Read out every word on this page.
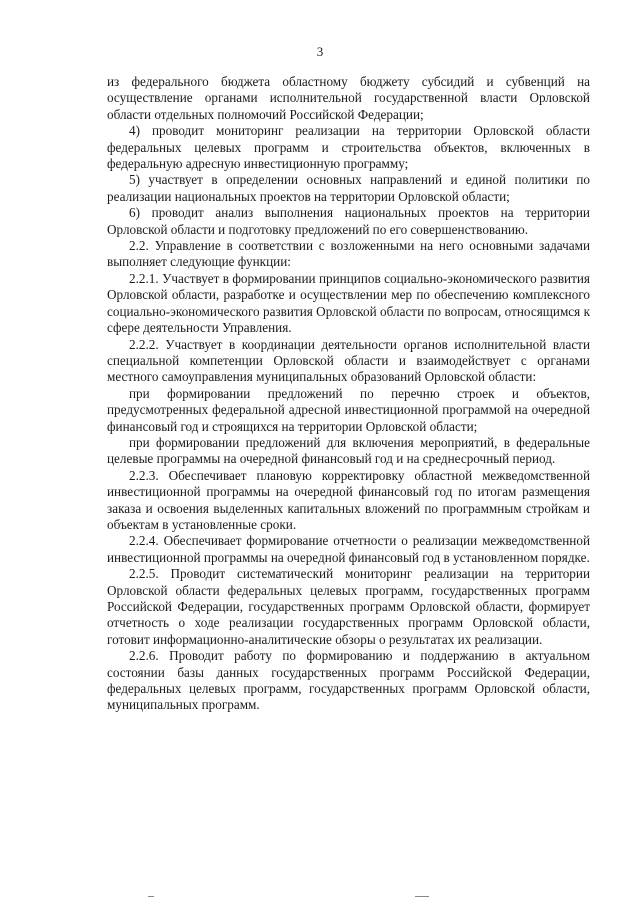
3

из федерального бюджета областному бюджету субсидий и субвенций на осуществление органами исполнительной государственной власти Орловской области отдельных полномочий Российской Федерации;

4) проводит мониторинг реализации на территории Орловской области федеральных целевых программ и строительства объектов, включенных в федеральную адресную инвестиционную программу;

5) участвует в определении основных направлений и единой политики по реализации национальных проектов на территории Орловской области;

6) проводит анализ выполнения национальных проектов на территории Орловской области и подготовку предложений по его совершенствованию.

2.2. Управление в соответствии с возложенными на него основными задачами выполняет следующие функции:

2.2.1. Участвует в формировании принципов социально-экономического развития Орловской области, разработке и осуществлении мер по обеспечению комплексного социально-экономического развития Орловской области по вопросам, относящимся к сфере деятельности Управления.

2.2.2. Участвует в координации деятельности органов исполнительной власти специальной компетенции Орловской области и взаимодействует с органами местного самоуправления муниципальных образований Орловской области:

при формировании предложений по перечню строек и объектов, предусмотренных федеральной адресной инвестиционной программой на очередной финансовый год и строящихся на территории Орловской области;

при формировании предложений для включения мероприятий, в федеральные целевые программы на очередной финансовый год и на среднесрочный период.

2.2.3. Обеспечивает плановую корректировку областной межведомственной инвестиционной программы на очередной финансовый год по итогам размещения заказа и освоения выделенных капитальных вложений по программным стройкам и объектам в установленные сроки.

2.2.4. Обеспечивает формирование отчетности о реализации межведомственной инвестиционной программы на очередной финансовый год в установленном порядке.

2.2.5. Проводит систематический мониторинг реализации на территории Орловской области федеральных целевых программ, государственных программ Российской Федерации, государственных программ Орловской области, формирует отчетность о ходе реализации государственных программ Орловской области, готовит информационно-аналитические обзоры о результатах их реализации.

2.2.6. Проводит работу по формированию и поддержанию в актуальном состоянии базы данных государственных программ Российской Федерации, федеральных целевых программ, государственных программ Орловской области, муниципальных программ.
